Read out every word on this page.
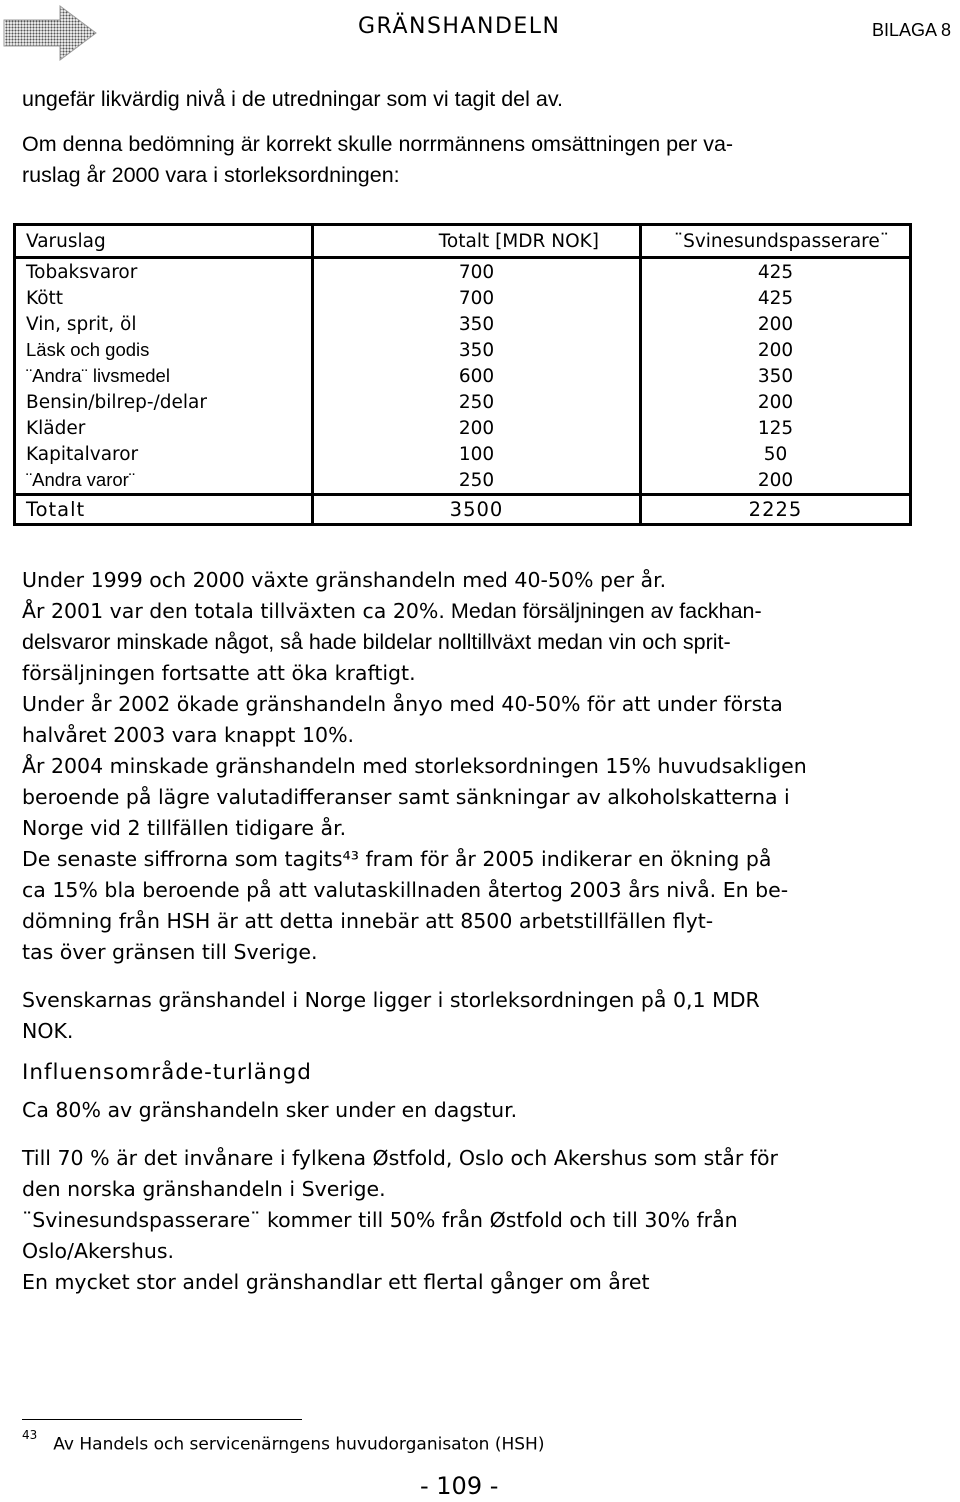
GRÄNSHANDELN	BILAGA 8
ungefär likvärdig nivå i de utredningar som vi tagit del av.
Om denna bedömning är korrekt skulle norrmännens omsättningen per va-
ruslag år 2000 vara i storleksordningen:
Varuslag	Totalt [MDR NOK]	¨Svinesundspasserare¨
Tobaksvaror	700	425
Kött	700	425
Vin, sprit, öl	350	200
Läsk och godis	350	200
¨Andra¨ livsmedel	600	350
Bensin/bilrep-/delar	250	200
Kläder	200	125
Kapitalvaror	100	50
¨Andra varor¨	250	200
Totalt	3500	2225
Under 1999 och 2000 växte gränshandeln med 40-50% per år.
År 2001 var den totala tillväxten ca 20%. Medan försäljningen av fackhan-
delsvaror minskade något, så hade bildelar nolltillväxt medan vin och sprit-
försäljningen fortsatte att öka kraftigt.
Under år 2002 ökade gränshandeln ånyo med 40-50% för att under första
halvåret 2003 vara knappt 10%.
År 2004 minskade gränshandeln med storleksordningen 15% huvudsakligen
beroende på lägre valutadifferanser samt sänkningar av alkoholskatterna i
Norge vid 2 tillfällen tidigare år.
De senaste siffrorna som tagits⁴³ fram för år 2005 indikerar en ökning på
ca 15% bla beroende på att valutaskillnaden återtog 2003 års nivå. En be-
dömning från HSH är att detta innebär att 8500 arbetstillfällen flyt-
tas över gränsen till Sverige.
Svenskarnas gränshandel i Norge ligger i storleksordningen på 0,1 MDR
NOK.
Influensområde-turlängd
Ca 80% av gränshandeln sker under en dagstur.
Till 70 % är det invånare i fylkena Østfold, Oslo och Akershus som står för
den norska gränshandeln i Sverige.
¨Svinesundspasserare¨ kommer till 50% från Østfold och till 30% från
Oslo/Akershus.
En mycket stor andel gränshandlar ett flertal gånger om året
$^{43}$ Av Handels och servicenärngens huvudorganisaton (HSH)
- 109 -
